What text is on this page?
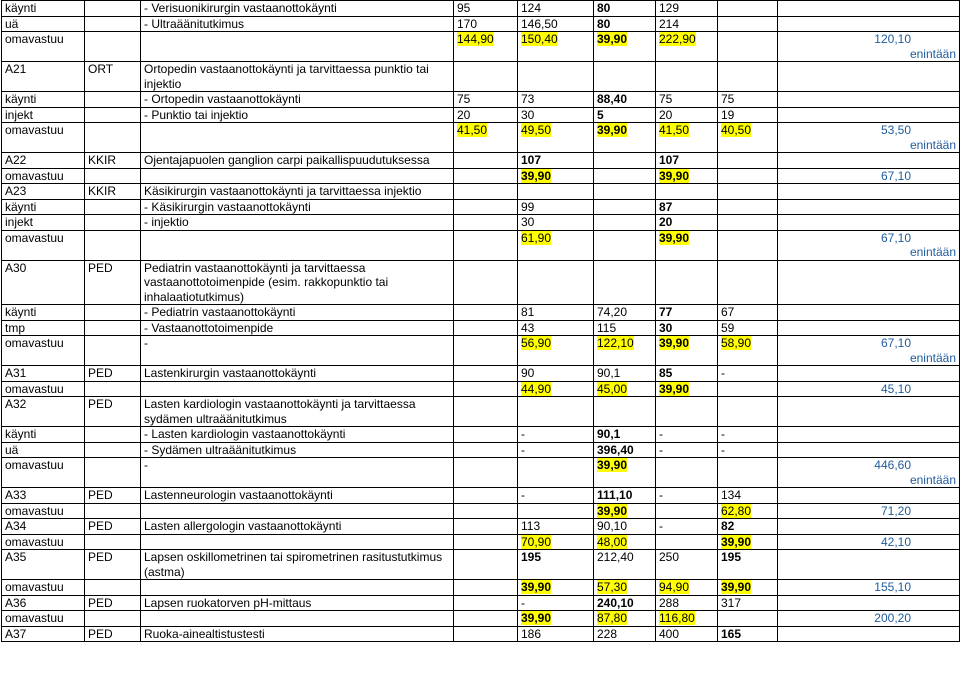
käynti		- Verisuonikirurgin vastaanottokäynti	95	124	80	129		
uä		- Ultraäänitutkimus	170	146,50	80	214		
omavastuu			144,90	150,40	39,90	222,90		120,10
enintään

A21	ORT	Ortopedin vastaanottokäynti ja tarvittaessa punktio tai injektio						
käynti		- Ortopedin vastaanottokäynti	75	73	88,40	75	75	
injekt		- Punktio tai injektio	20	30	5	20	19	
omavastuu			41,50	49,50	39,90	41,50	40,50	53,50
enintään

A22	KKIR	Ojentajapuolen ganglion carpi paikallispuudutuksessa		107		107		
omavastuu				39,90		39,90		67,10
A23	KKIR	Käsikirurgin vastaanottokäynti ja tarvittaessa injektio						
käynti		- Käsikirurgin vastaanottokäynti		99		87		
injekt		- injektio		30		20		
omavastuu				61,90		39,90		67,10
enintään

A30	PED	Pediatrin vastaanottokäynti ja tarvittaessa vastaanottotoimenpide (esim. rakkopunktio tai inhalaatiotutkimus)						
käynti		- Pediatrin vastaanottokäynti		81	74,20	77	67	
tmp		- Vastaanottotoimenpide		43	115	30	59	
omavastuu		-		56,90	122,10	39,90	58,90	67,10
enintään

A31	PED	Lastenkirurgin vastaanottokäynti		90	90,1	85	-	
omavastuu				44,90	45,00	39,90		45,10
A32	PED	Lasten kardiologin vastaanottokäynti ja tarvittaessa sydämen ultraäänitutkimus						
käynti		- Lasten kardiologin vastaanottokäynti		-	90,1	-	-	
uä		- Sydämen ultraäänitutkimus		-	396,40	-	-	
omavastuu		-			39,90			446,60
enintään

A33	PED	Lastenneurologin vastaanottokäynti		-	111,10	-	134	
omavastuu					39,90		62,80	71,20
A34	PED	Lasten allergologin vastaanottokäynti		113	90,10	-	82	
omavastuu				70,90	48,00		39,90	42,10
A35	PED	Lapsen oskillometrinen tai spirometrinen rasitustutkimus (astma)		195	212,40	250	195	
omavastuu				39,90	57,30	94,90	39,90	155,10
A36	PED	Lapsen ruokatorven pH-mittaus		-	240,10	288	317	
omavastuu				39,90	87,80	116,80		200,20
A37	PED	Ruoka-ainealtistustesti		186	228	400	165	
